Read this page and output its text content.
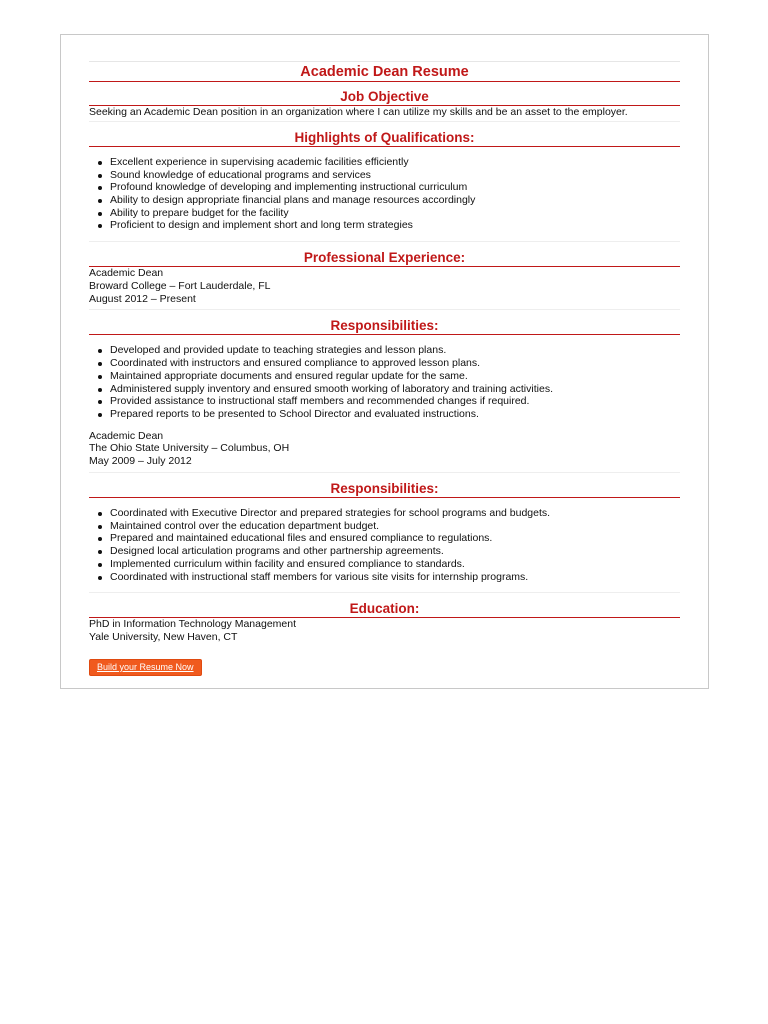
Academic Dean Resume
Job Objective

Seeking an Academic Dean position in an organization where I can utilize my skills and be an asset to the employer.

Highlights of Qualifications:
Excellent experience in supervising academic facilities efficiently
Sound knowledge of educational programs and services
Profound knowledge of developing and implementing instructional curriculum
Ability to design appropriate financial plans and manage resources accordingly
Ability to prepare budget for the facility
Proficient to design and implement short and long term strategies
Professional Experience:

Academic Dean

Broward College – Fort Lauderdale, FL

August 2012 – Present

Responsibilities:
Developed and provided update to teaching strategies and lesson plans.
Coordinated with instructors and ensured compliance to approved lesson plans.
Maintained appropriate documents and ensured regular update for the same.
Administered supply inventory and ensured smooth working of laboratory and training activities.
Provided assistance to instructional staff members and recommended changes if required.
Prepared reports to be presented to School Director and evaluated instructions.

Academic Dean

The Ohio State University – Columbus, OH

May 2009 – July 2012

Responsibilities:
Coordinated with Executive Director and prepared strategies for school programs and budgets.
Maintained control over the education department budget.
Prepared and maintained educational files and ensured compliance to regulations.
Designed local articulation programs and other partnership agreements.
Implemented curriculum within facility and ensured compliance to standards.
Coordinated with instructional staff members for various site visits for internship programs.
Education:

PhD in Information Technology Management

Yale University, New Haven, CT

Build your Resume Now
